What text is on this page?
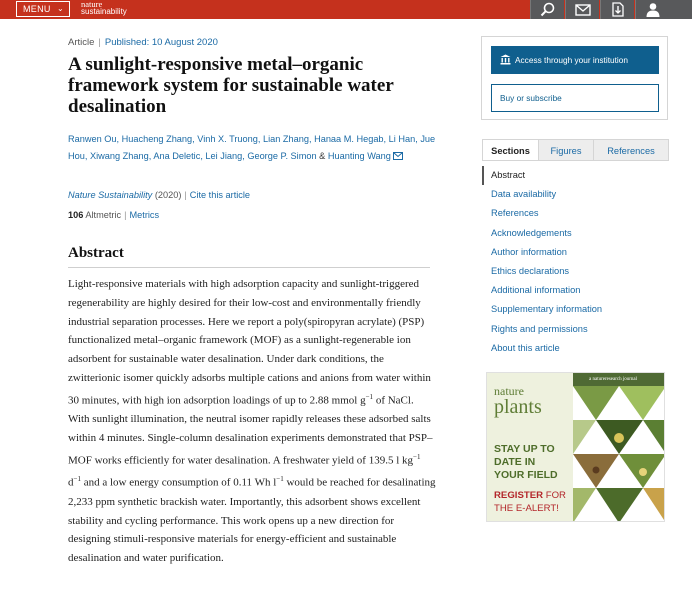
MENU ⌄ nature
sustainability
Article | Published: 10 August 2020
A sunlight-responsive metal–organic framework system for sustainable water desalination
Ranwen Ou, Huacheng Zhang, Vinh X. Truong, Lian Zhang, Hanaa M. Hegab, Li Han, Jue Hou, Xiwang Zhang, Ana Deletic, Lei Jiang, George P. Simon & Huanting Wang
Nature Sustainability (2020) | Cite this article
106 Altmetric | Metrics
Abstract

Light-responsive materials with high adsorption capacity and sunlight-triggered regenerability are highly desired for their low-cost and environmentally friendly industrial separation processes. Here we report a poly(spiropyran acrylate) (PSP) functionalized metal–organic framework (MOF) as a sunlight-regenerable ion adsorbent for sustainable water desalination. Under dark conditions, the zwitterionic isomer quickly adsorbs multiple cations and anions from water within 30 minutes, with high ion adsorption loadings of up to 2.88 mmol $g^{-1}$ of NaCl. With sunlight illumination, the neutral isomer rapidly releases these adsorbed salts within 4 minutes. Single-column desalination experiments demonstrated that PSP–MOF works efficiently for water desalination. A freshwater yield of 139.5 l $kg^{-1}$ $d^{-1}$ and a low energy consumption of 0.11 Wh $l^{-1}$ would be reached for desalinating 2,233 ppm synthetic brackish water. Importantly, this adsorbent shows excellent stability and cycling performance. This work opens up a new direction for designing stimuli-responsive materials for energy-efficient and sustainable desalination and water purification.

Access through your institution
Buy or subscribe
Sections	Figures	References
Abstract
Data availability
References
Acknowledgements
Author information
Ethics declarations
Additional information
Supplementary information
Rights and permissions
About this article
a natureresearch journal
nature
plants
STAY UP TO
DATE IN
YOUR FIELD
REGISTER FOR
THE E-ALERT!
